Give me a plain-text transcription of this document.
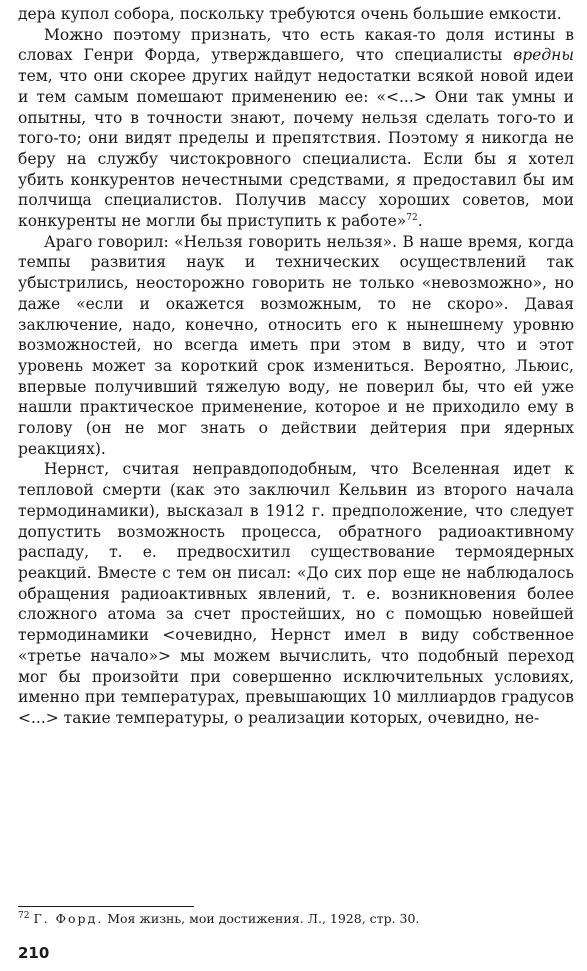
дера купол собора, поскольку требуются очень большие емкости.

Можно поэтому признать, что есть какая-то доля истины в словах Генри Форда, утверждавшего, что специалисты вредны тем, что они скорее других найдут недостатки всякой новой идеи и тем самым помешают применению ее: «<...> Они так умны и опытны, что в точности знают, почему нельзя сделать того-то и того-то; они видят пределы и препятствия. Поэтому я никогда не беру на службу чистокровного специалиста. Если бы я хотел убить конкурентов нечестными средствами, я предоставил бы им полчища специалистов. Получив массу хороших советов, мои конкуренты не могли бы приступить к работе»$^{72}$.

Араго говорил: «Нельзя говорить нельзя». В наше время, когда темпы развития наук и технических осуществлений так убыстрились, неосторожно говорить не только «невозможно», но даже «если и окажется возможным, то не скоро». Давая заключение, надо, конечно, относить его к нынешнему уровню возможностей, но всегда иметь при этом в виду, что и этот уровень может за короткий срок измениться. Вероятно, Льюис, впервые получивший тяжелую воду, не поверил бы, что ей уже нашли практическое применение, которое и не приходило ему в голову (он не мог знать о действии дейтерия при ядерных реакциях).

Нернст, считая неправдоподобным, что Вселенная идет к тепловой смерти (как это заключил Кельвин из второго начала термодинамики), высказал в 1912 г. предположение, что следует допустить возможность процесса, обратного радиоактивному распаду, т. е. предвосхитил существование термоядерных реакций. Вместе с тем он писал: «До сих пор еще не наблюдалось обращения радиоактивных явлений, т. е. возникновения более сложного атома за счет простейших, но с помощью новейшей термодинамики <очевидно, Нернст имел в виду собственное «третье начало»> мы можем вычислить, что подобный переход мог бы произойти при совершенно исключительных условиях, именно при температурах, превышающих 10 миллиардов градусов <...> такие температуры, о реализации которых, очевидно, не-

$^{72}$ Г. Форд. Моя жизнь, мои достижения. Л., 1928, стр. 30.
210
